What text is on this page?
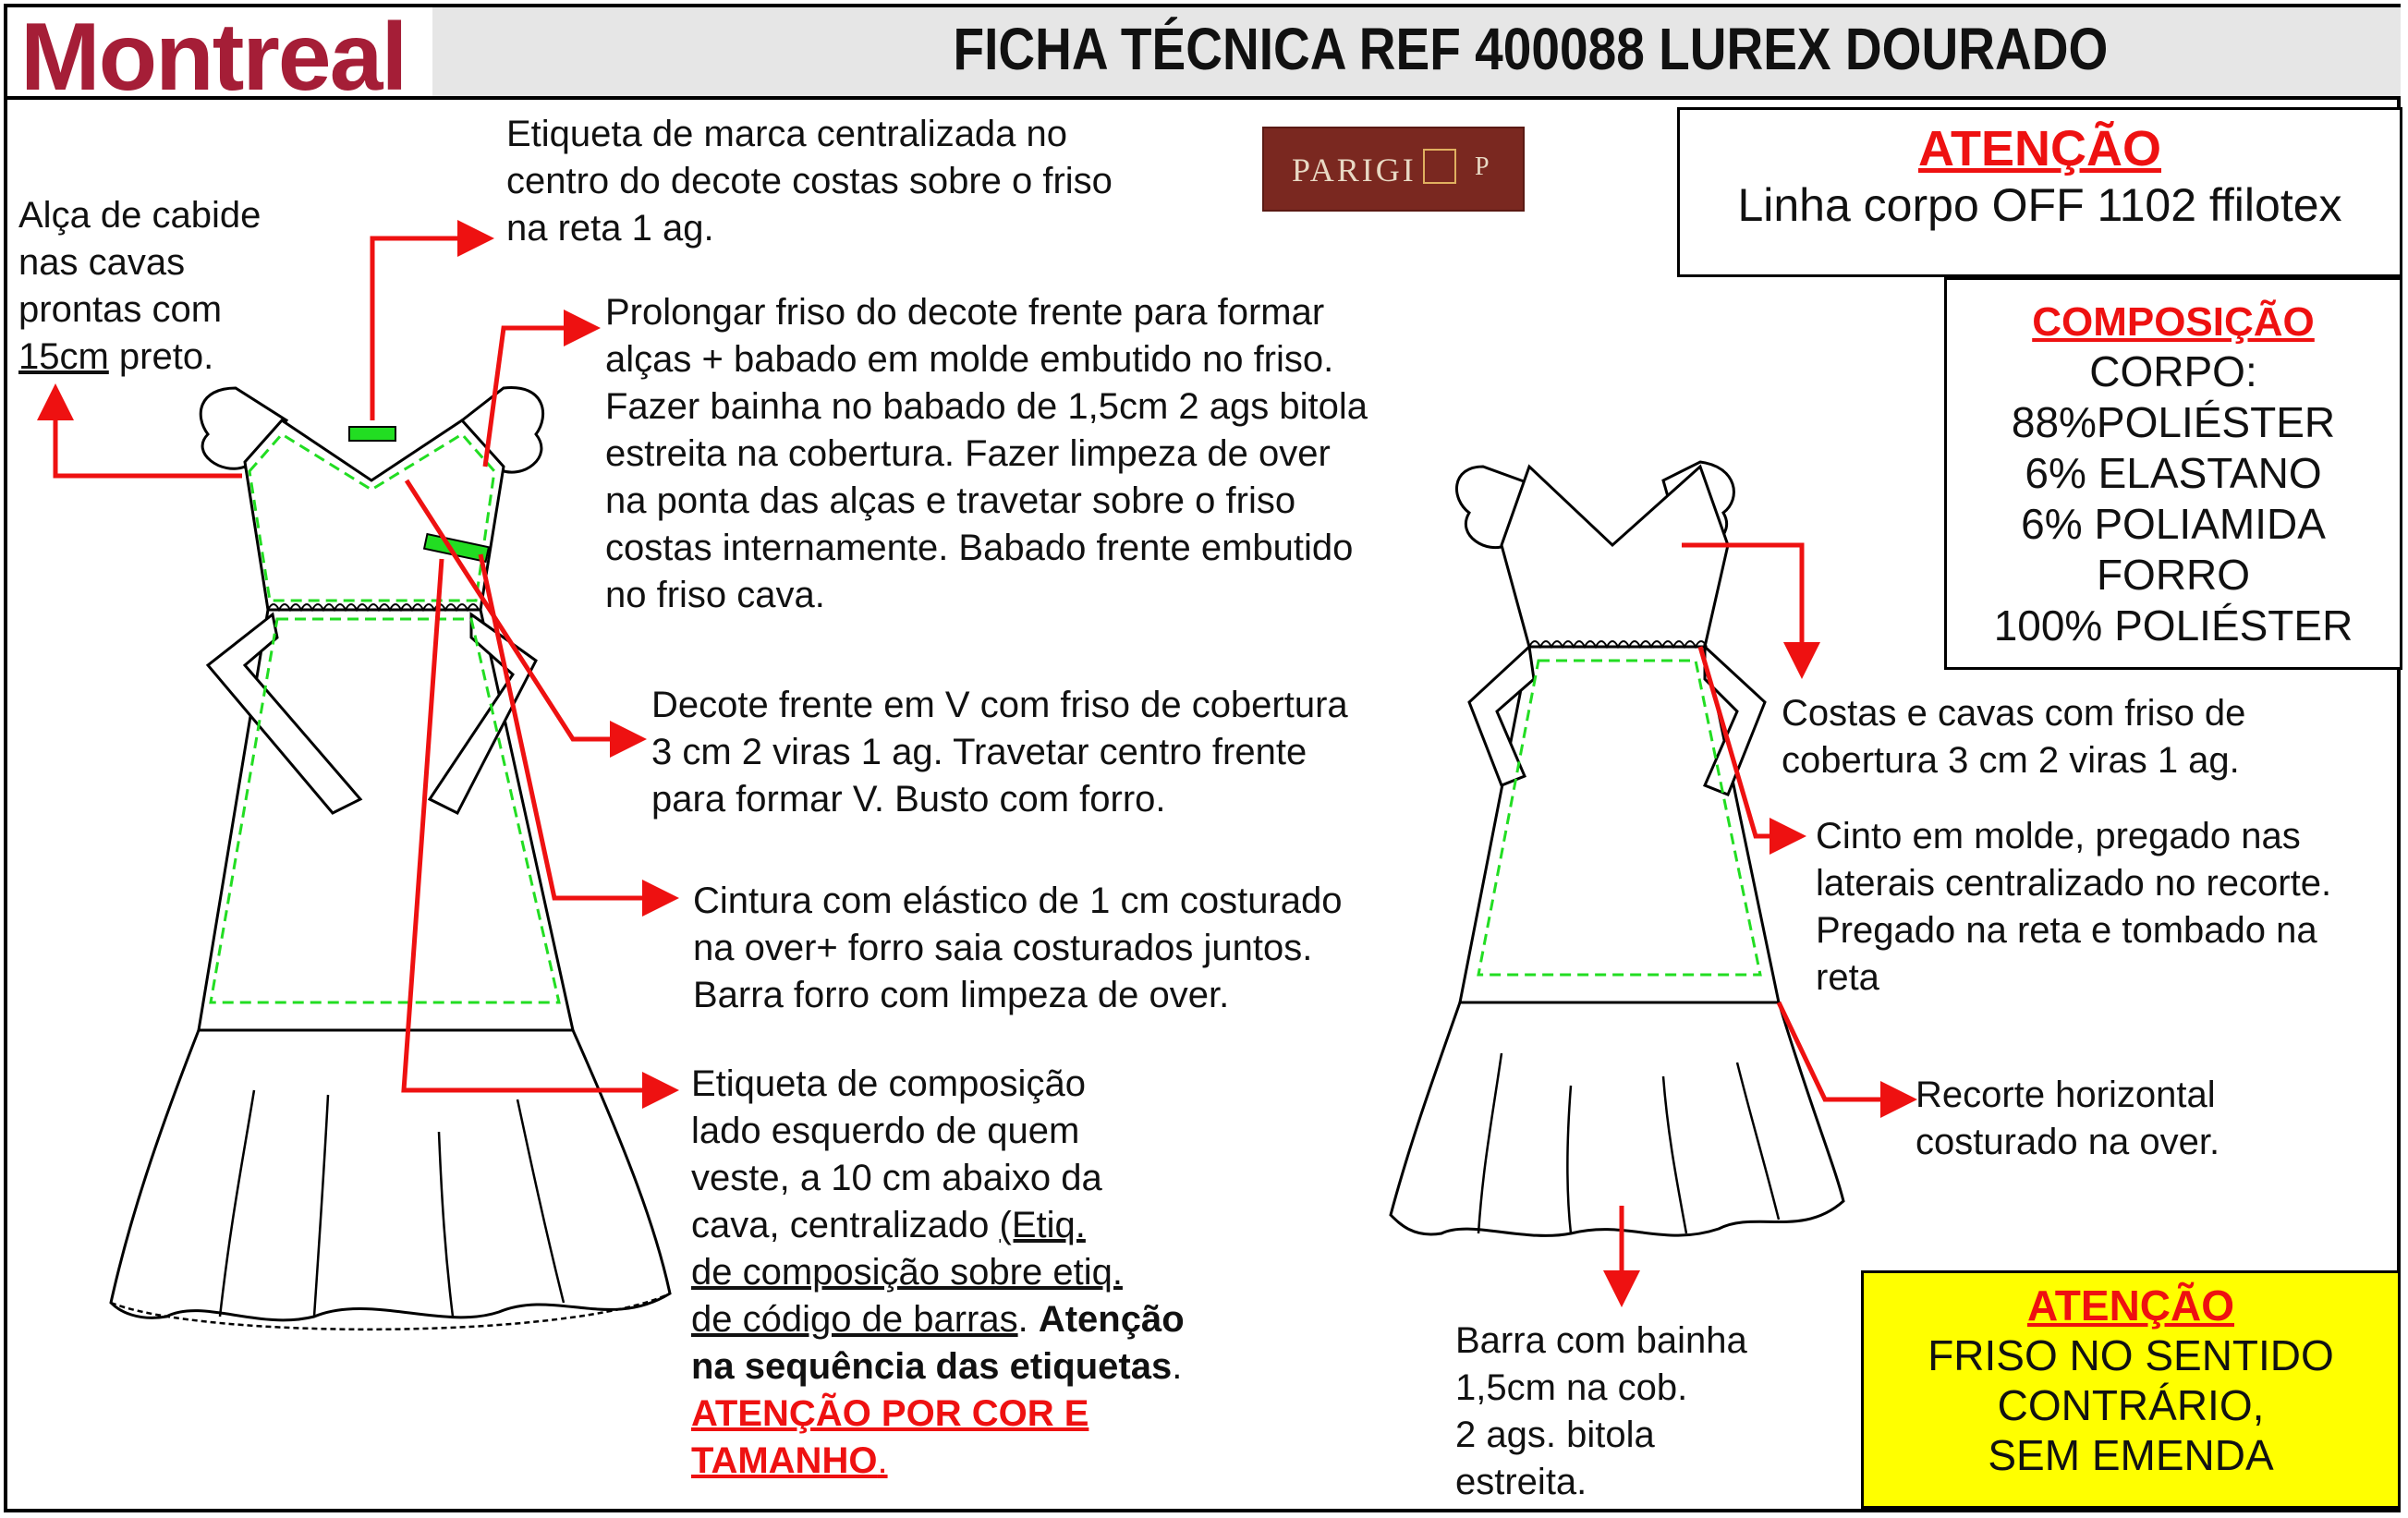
Montreal	FICHA TÉCNICA REF 400088 LUREX DOURADO
PARIGI P	ATENÇÃO
Linha corpo OFF 1102 ffilotex
COMPOSIÇÃO
CORPO:
88%POLIÉSTER
6% ELASTANO
6% POLIAMIDA
FORRO
100% POLIÉSTER
Alça de cabide
nas cavas
prontas com
15cm preto.
Etiqueta de marca centralizada no
centro do decote costas sobre o friso
na reta 1 ag.
Prolongar friso do decote frente para formar
alças + babado em molde embutido no friso.
Fazer bainha no babado de 1,5cm 2 ags bitola
estreita na cobertura. Fazer limpeza de over
na ponta das alças e travetar sobre o friso
costas internamente. Babado frente embutido
no friso cava.
Decote frente em V com friso de cobertura
3 cm 2 viras 1 ag. Travetar centro frente
para formar V. Busto com forro.
Cintura com elástico de 1 cm costurado
na over+ forro saia costurados juntos.
Barra forro com limpeza de over.
Etiqueta de composição
lado esquerdo de quem
veste, a 10 cm abaixo da
cava, centralizado (Etiq.
de composição sobre etiq.
de código de barras. Atenção
na sequência das etiquetas.
ATENÇÃO POR COR E
TAMANHO.
Costas e cavas com friso de
cobertura 3 cm 2 viras 1 ag.
Cinto em molde, pregado nas
laterais centralizado no recorte.
Pregado na reta e tombado na
reta
Recorte horizontal
costurado na over.
Barra com bainha
1,5cm na cob.
2 ags. bitola
estreita.
ATENÇÃO
FRISO NO SENTIDO
CONTRÁRIO,
SEM EMENDA
